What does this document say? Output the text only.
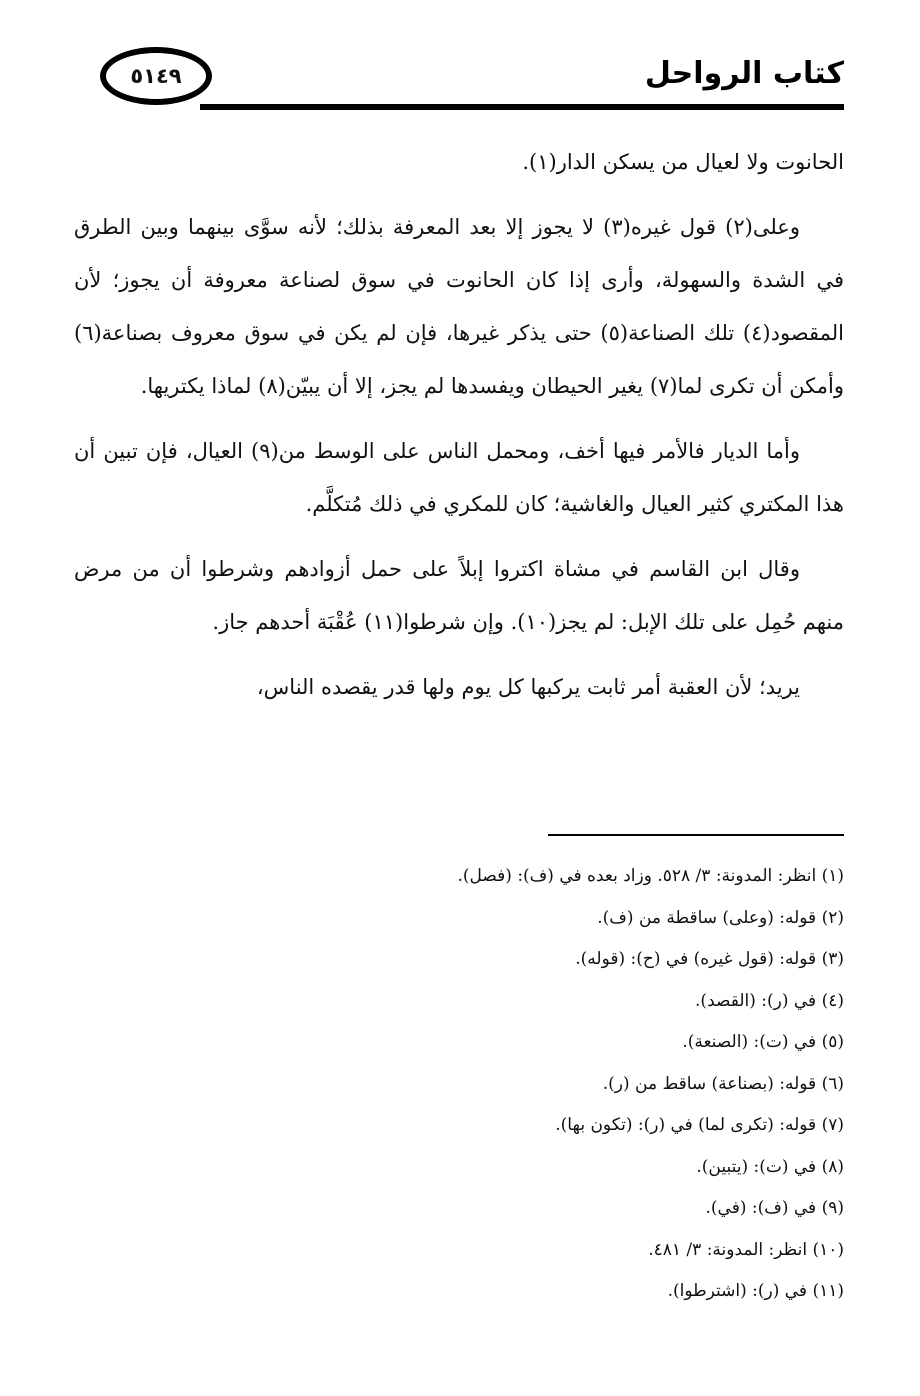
كتاب الرواحل
٥١٤٩

الحانوت ولا لعيال من يسكن الدار(١).

وعلى(٢) قول غيره(٣) لا يجوز إلا بعد المعرفة بذلك؛ لأنه سوَّى بينهما وبين الطرق في الشدة والسهولة، وأرى إذا كان الحانوت في سوق لصناعة معروفة أن يجوز؛ لأن المقصود(٤) تلك الصناعة(٥) حتى يذكر غيرها، فإن لم يكن في سوق معروف بصناعة(٦) وأمكن أن تكرى لما(٧) يغير الحيطان ويفسدها لم يجز، إلا أن يبيّن(٨) لماذا يكتريها.

وأما الديار فالأمر فيها أخف، ومحمل الناس على الوسط من(٩) العيال، فإن تبين أن هذا المكتري كثير العيال والغاشية؛ كان للمكري في ذلك مُتكلَّم.

وقال ابن القاسم في مشاة اكتروا إبلاً على حمل أزوادهم وشرطوا أن من مرض منهم حُمِل على تلك الإبل: لم يجز(١٠). وإن شرطوا(١١) عُقْبَة أحدهم جاز.

يريد؛ لأن العقبة أمر ثابت يركبها كل يوم ولها قدر يقصده الناس،

(١) انظر: المدونة: ٣/ ٥٢٨. وزاد بعده في (ف): (فصل).
(٢) قوله: (وعلى) ساقطة من (ف).
(٣) قوله: (قول غيره) في (ح): (قوله).
(٤) في (ر): (القصد).
(٥) في (ت): (الصنعة).
(٦) قوله: (بصناعة) ساقط من (ر).
(٧) قوله: (تكرى لما) في (ر): (تكون بها).
(٨) في (ت): (يتبين).
(٩) في (ف): (في).
(١٠) انظر: المدونة: ٣/ ٤٨١.
(١١) في (ر): (اشترطوا).
